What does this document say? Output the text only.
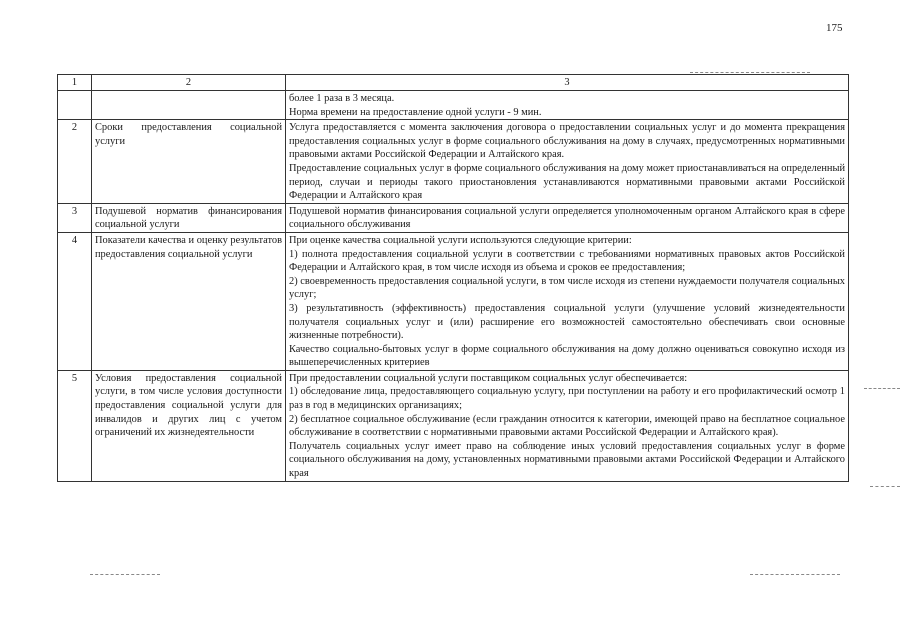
175
1	2	3

		более 1 раза в 3 месяца.
Норма времени на предоставление одной услуги - 9 мин.

2	Сроки предоставления социальной услуги	Услуга предоставляется с момента заключения договора о предоставлении социальных услуг и до момента прекращения предоставления социальных услуг в форме социального обслуживания на дому в случаях, предусмотренных нормативными правовыми актами Российской Федерации и Алтайского края.
Предоставление социальных услуг в форме социального обслуживания на дому может приостанавливаться на определенный период, случаи и периоды такого приостановления устанавливаются нормативными правовыми актами Российской Федерации и Алтайского края

3	Подушевой норматив финансирования социальной услуги	Подушевой норматив финансирования социальной услуги определяется уполномоченным органом Алтайского края в сфере социального обслуживания

4	Показатели качества и оценку результатов предоставления социальной услуги	При оценке качества социальной услуги используются следующие критерии:
1) полнота предоставления социальной услуги в соответствии с требованиями нормативных правовых актов Российской Федерации и Алтайского края, в том числе исходя из объема и сроков ее предоставления;
2) своевременность предоставления социальной услуги, в том числе исходя из степени нуждаемости получателя социальных услуг;
3) результативность (эффективность) предоставления социальной услуги (улучшение условий жизнедеятельности получателя социальных услуг и (или) расширение его возможностей самостоятельно обеспечивать свои основные жизненные потребности).
Качество социально-бытовых услуг в форме социального обслуживания на дому должно оцениваться совокупно исходя из вышеперечисленных критериев

5	Условия предоставления социальной услуги, в том числе условия доступности предоставления социальной услуги для инвалидов и других лиц с учетом ограничений их жизнедеятельности	При предоставлении социальной услуги поставщиком социальных услуг обеспечивается:
1) обследование лица, предоставляющего социальную услугу, при поступлении на работу и его профилактический осмотр 1 раз в год в медицинских организациях;
2) бесплатное социальное обслуживание (если гражданин относится к категории, имеющей право на бесплатное социальное обслуживание в соответствии с нормативными правовыми актами Российской Федерации и Алтайского края).
Получатель социальных услуг имеет право на соблюдение иных условий предоставления социальных услуг в форме социального обслуживания на дому, установленных нормативными правовыми актами Российской Федерации и Алтайского края
